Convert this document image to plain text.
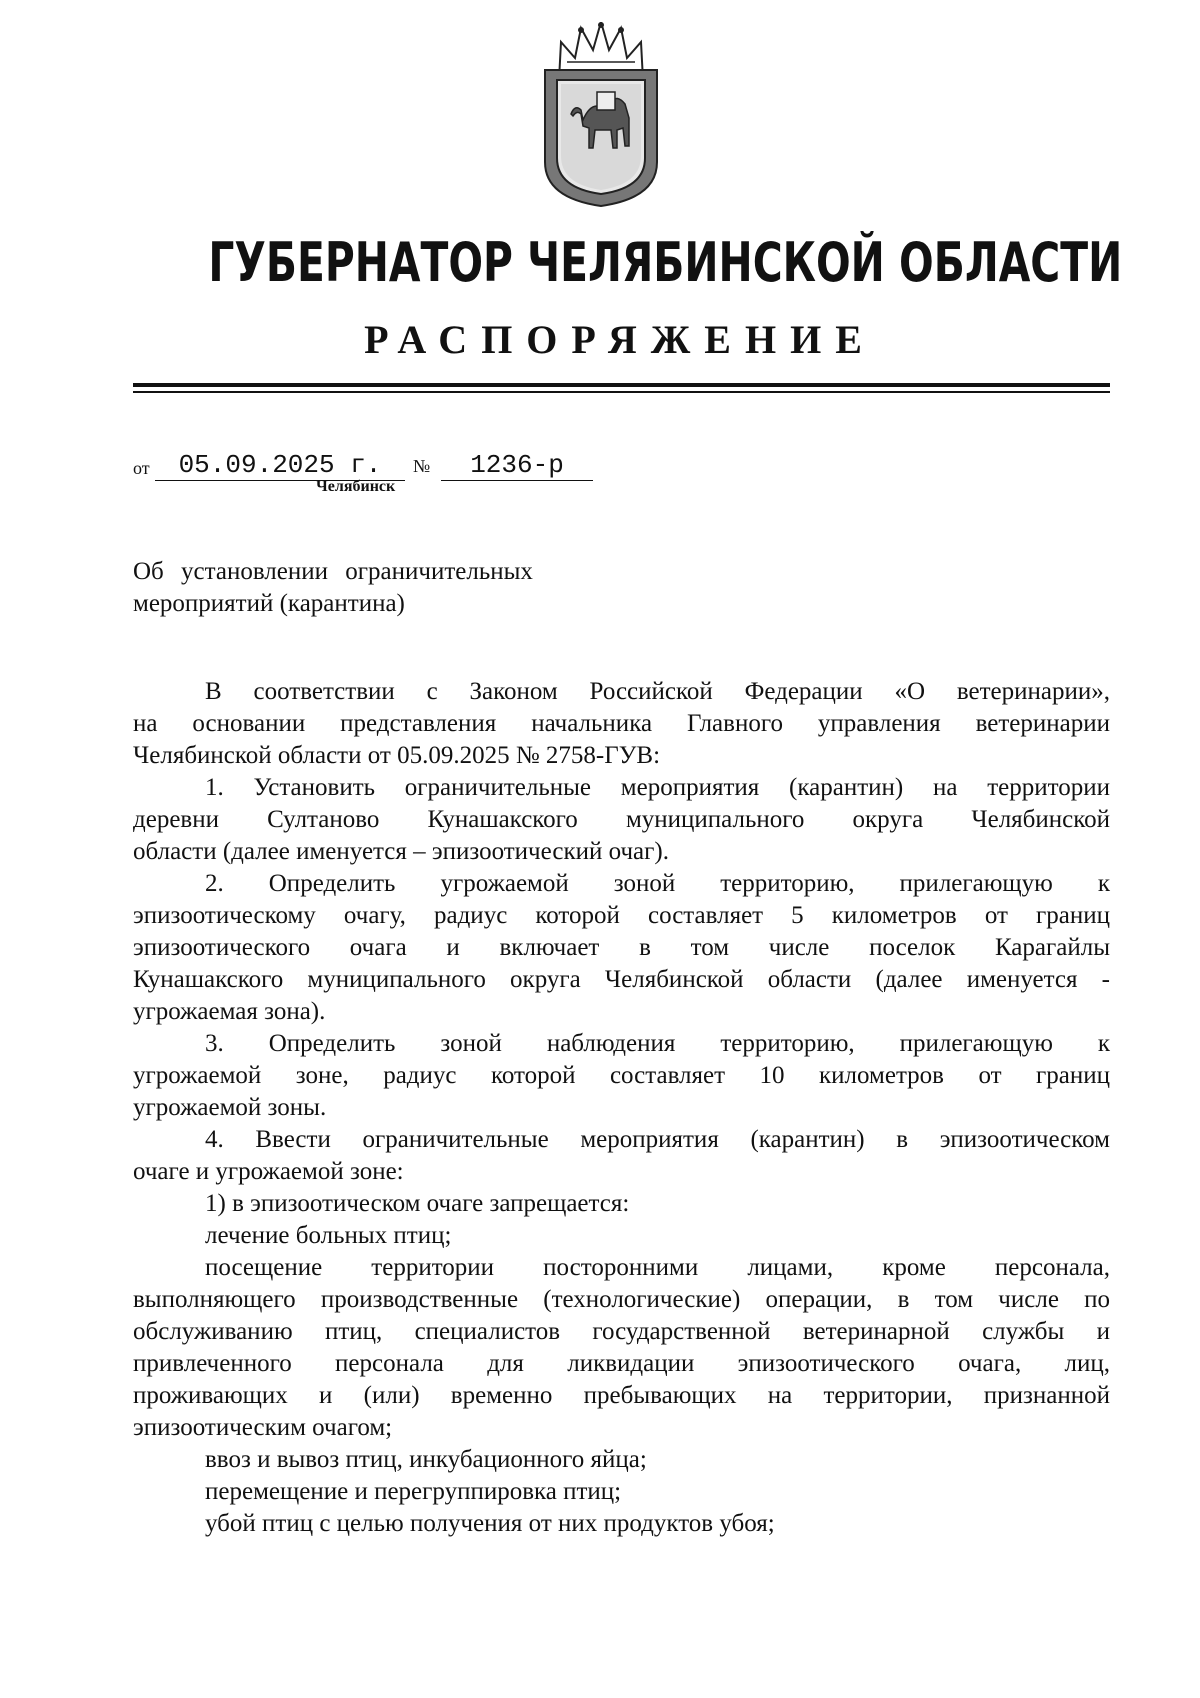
ГУБЕРНАТОР ЧЕЛЯБИНСКОЙ ОБЛАСТИ
РАСПОРЯЖЕНИЕ
от	05.09.2025 г.	№	1236-р
Челябинск
Об установлении ограничительных
мероприятий (карантина)
В соответствии с Законом Российской Федерации «О ветеринарии»,
на основании представления начальника Главного управления ветеринарии
Челябинской области от 05.09.2025 № 2758-ГУВ:
1. Установить ограничительные мероприятия (карантин) на территории
деревни Султаново Кунашакского муниципального округа Челябинской
области (далее именуется – эпизоотический очаг).
2. Определить угрожаемой зоной территорию, прилегающую к
эпизоотическому очагу, радиус которой составляет 5 километров от границ
эпизоотического очага и включает в том числе поселок Карагайлы
Кунашакского муниципального округа Челябинской области (далее именуется -
угрожаемая зона).
3. Определить зоной наблюдения территорию, прилегающую к
угрожаемой зоне, радиус которой составляет 10 километров от границ
угрожаемой зоны.
4. Ввести ограничительные мероприятия (карантин) в эпизоотическом
очаге и угрожаемой зоне:
1) в эпизоотическом очаге запрещается:
лечение больных птиц;
посещение территории посторонними лицами, кроме персонала,
выполняющего производственные (технологические) операции, в том числе по
обслуживанию птиц, специалистов государственной ветеринарной службы и
привлеченного персонала для ликвидации эпизоотического очага, лиц,
проживающих и (или) временно пребывающих на территории, признанной
эпизоотическим очагом;
ввоз и вывоз птиц, инкубационного яйца;
перемещение и перегруппировка птиц;
убой птиц с целью получения от них продуктов убоя;
